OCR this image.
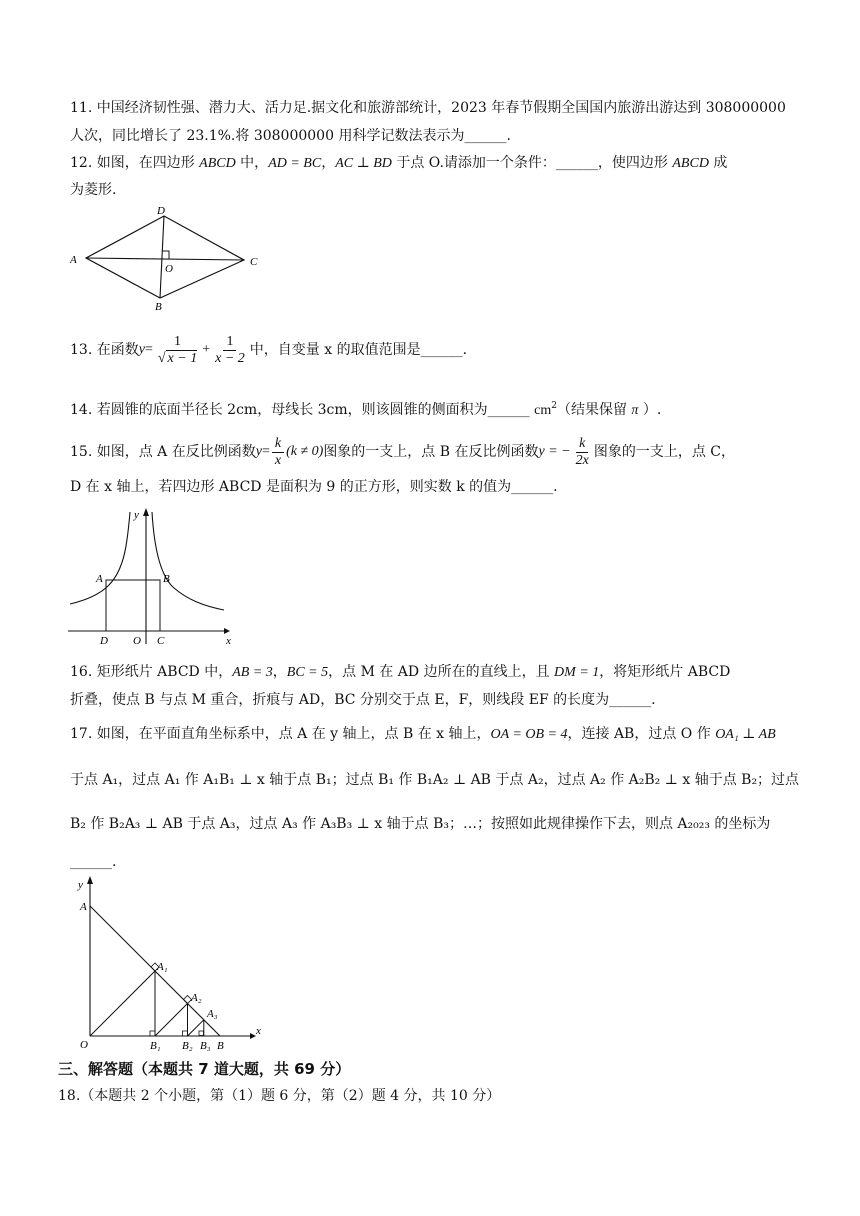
11. 中国经济韧性强、潜力大、活力足.据文化和旅游部统计，2023 年春节假期全国国内旅游出游达到 308000000
人次，同比增长了 23.1%.将 308000000 用科学记数法表示为______.
12. 如图，在四边形 ABCD 中，AD = BC，AC ⊥ BD 于点 O.请添加一个条件：______，使四边形 ABCD 成
为菱形.
A
D
C
B
O
13. 在函数 $y = \frac{1}{√ x - 1} + \frac{1}{x - 2}$ 中，自变量 x 的取值范围是______.
14. 若圆锥的底面半径长 2cm，母线长 3cm，则该圆锥的侧面积为______ $cm^2$（结果保留 π ）.
15. 如图，点 A 在反比例函数 $y = \frac{k}{x} (k \ne 0)$ 图象的一支上，点 B 在反比例函数 y = − $\frac{k}{2x}$ 图象的一支上，点 C，
D 在 x 轴上，若四边形 ABCD 是面积为 9 的正方形，则实数 k 的值为______.
y
x
A	B
D O C
16. 矩形纸片 ABCD 中，AB = 3，BC = 5，点 M 在 AD 边所在的直线上，且 DM = 1，将矩形纸片 ABCD
折叠，使点 B 与点 M 重合，折痕与 AD，BC 分别交于点 E，F，则线段 EF 的长度为______.
17. 如图，在平面直角坐标系中，点 A 在 y 轴上，点 B 在 x 轴上，OA = OB = 4，连接 AB，过点 O 作 OA₁ ⊥ AB
于点 A₁，过点 A₁ 作 A₁B₁ ⊥ x 轴于点 B₁；过点 B₁ 作 B₁A₂ ⊥ AB 于点 A₂，过点 A₂ 作 A₂B₂ ⊥ x 轴于点 B₂；过点
B₂ 作 B₂A₃ ⊥ AB 于点 A₃，过点 A₃ 作 A₃B₃ ⊥ x 轴于点 B₃；…；按照如此规律操作下去，则点 A₂₀₂₃ 的坐标为
______.
y
x
A
O
A₁
A₂
A₃
B₁ B₂ B₃ B
三、解答题（本题共 7 道大题，共 69 分）
18.（本题共 2 个小题，第（1）题 6 分，第（2）题 4 分，共 10 分）
